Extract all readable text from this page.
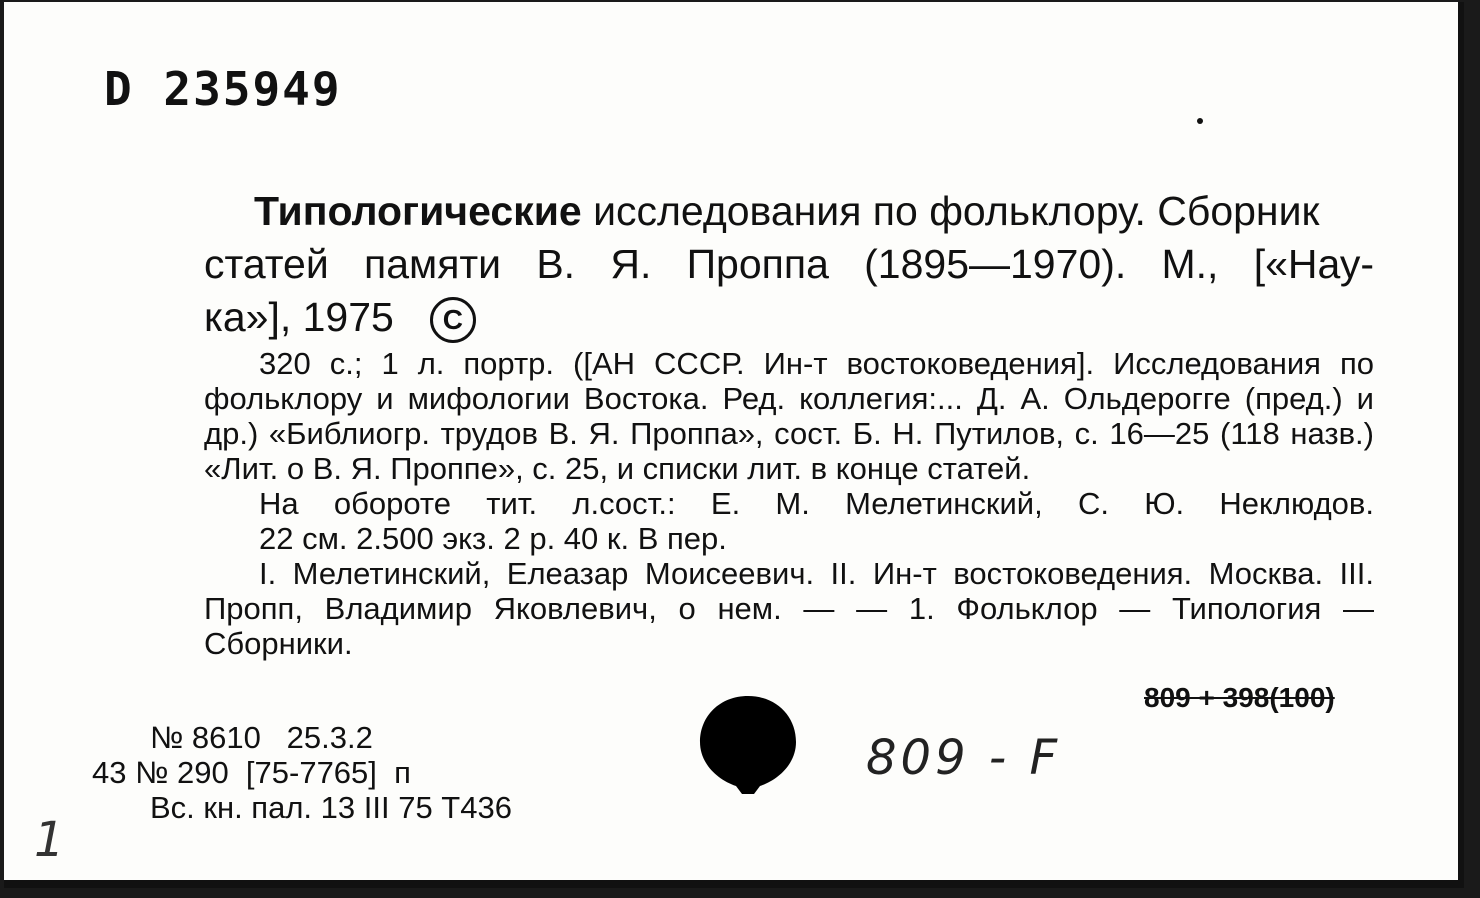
D 235949
Типологические исследования по фольклору. Сборник
статей памяти В. Я. Проппа (1895—1970). М., [«Нау-
ка»], 1975 C
320 с.; 1 л. портр. ([АН СССР. Ин-т востоковедения]. Исследования по фольклору и мифологии Востока. Ред. коллегия:... Д. А. Ольдерогге (пред.) и др.) «Библиогр. трудов В. Я. Проппа», сост. Б. Н. Путилов, с. 16—25 (118 назв.) «Лит. о В. Я. Проппе», с. 25, и списки лит. в конце статей.
На обороте тит. л.сост.: Е. М. Мелетинский, С. Ю. Неклюдов.
22 см. 2.500 экз. 2 р. 40 к. В пер.
I. Мелетинский, Елеазар Моисеевич. II. Ин-т востоковедения. Москва. III. Пропп, Владимир Яковлевич, о нем. — — 1. Фольклор — Типология — Сборники.
809 + 398(100)
№ 8610   25.3.2
43 № 290  [75-7765]  п
Вс. кн. пал. 13 III 75 Т436
809 - F
1
